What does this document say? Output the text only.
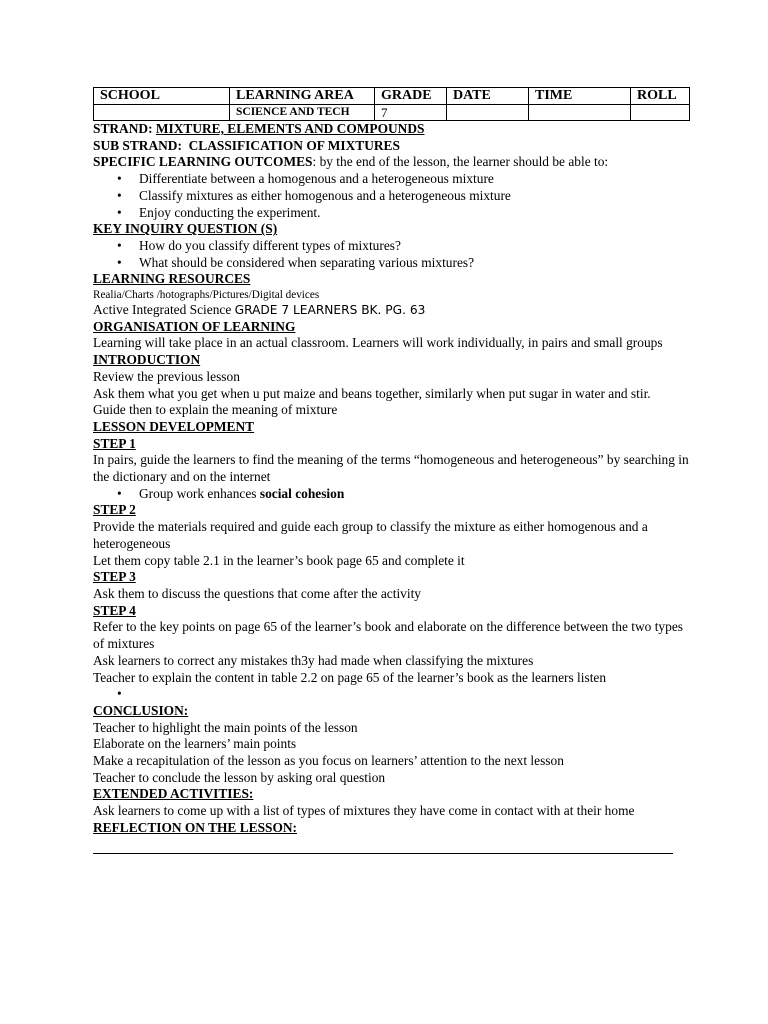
SCHOOL	LEARNING AREA	GRADE	DATE	TIME	ROLL
	SCIENCE AND TECH	7			
STRAND: MIXTURE, ELEMENTS AND COMPOUNDS
SUB STRAND:  CLASSIFICATION OF MIXTURES
SPECIFIC LEARNING OUTCOMES: by the end of the lesson, the learner should be able to:
• Differentiate between a homogenous and a heterogeneous mixture
• Classify mixtures as either homogenous and a heterogeneous mixture
• Enjoy conducting the experiment.
KEY INQUIRY QUESTION (S)
• How do you classify different types of mixtures?
• What should be considered when separating various mixtures?
LEARNING RESOURCES
Realia/Charts /hotographs/Pictures/Digital devices
Active Integrated Science GRADE 7 LEARNERS BK. PG. 63
ORGANISATION OF LEARNING
Learning will take place in an actual classroom. Learners will work individually, in pairs and small groups
INTRODUCTION
Review the previous lesson
Ask them what you get when u put maize and beans together, similarly when put sugar in water and stir.
Guide then to explain the meaning of mixture
LESSON DEVELOPMENT
STEP 1
In pairs, guide the learners to find the meaning of the terms “homogeneous and heterogeneous” by searching in the dictionary and on the internet
• Group work enhances social cohesion
STEP 2
Provide the materials required and guide each group to classify the mixture as either homogenous and a heterogeneous
Let them copy table 2.1 in the learner’s book page 65 and complete it
STEP 3
Ask them to discuss the questions that come after the activity
STEP 4
Refer to the key points on page 65 of the learner’s book and elaborate on the difference between the two types of mixtures
Ask learners to correct any mistakes th3y had made when classifying the mixtures
Teacher to explain the content in table 2.2 on page 65 of the learner’s book as the learners listen
•
CONCLUSION:
Teacher to highlight the main points of the lesson
Elaborate on the learners’ main points
Make a recapitulation of the lesson as you focus on learners’ attention to the next lesson
Teacher to conclude the lesson by asking oral question
EXTENDED ACTIVITIES:
Ask learners to come up with a list of types of mixtures they have come in contact with at their home
REFLECTION ON THE LESSON:
